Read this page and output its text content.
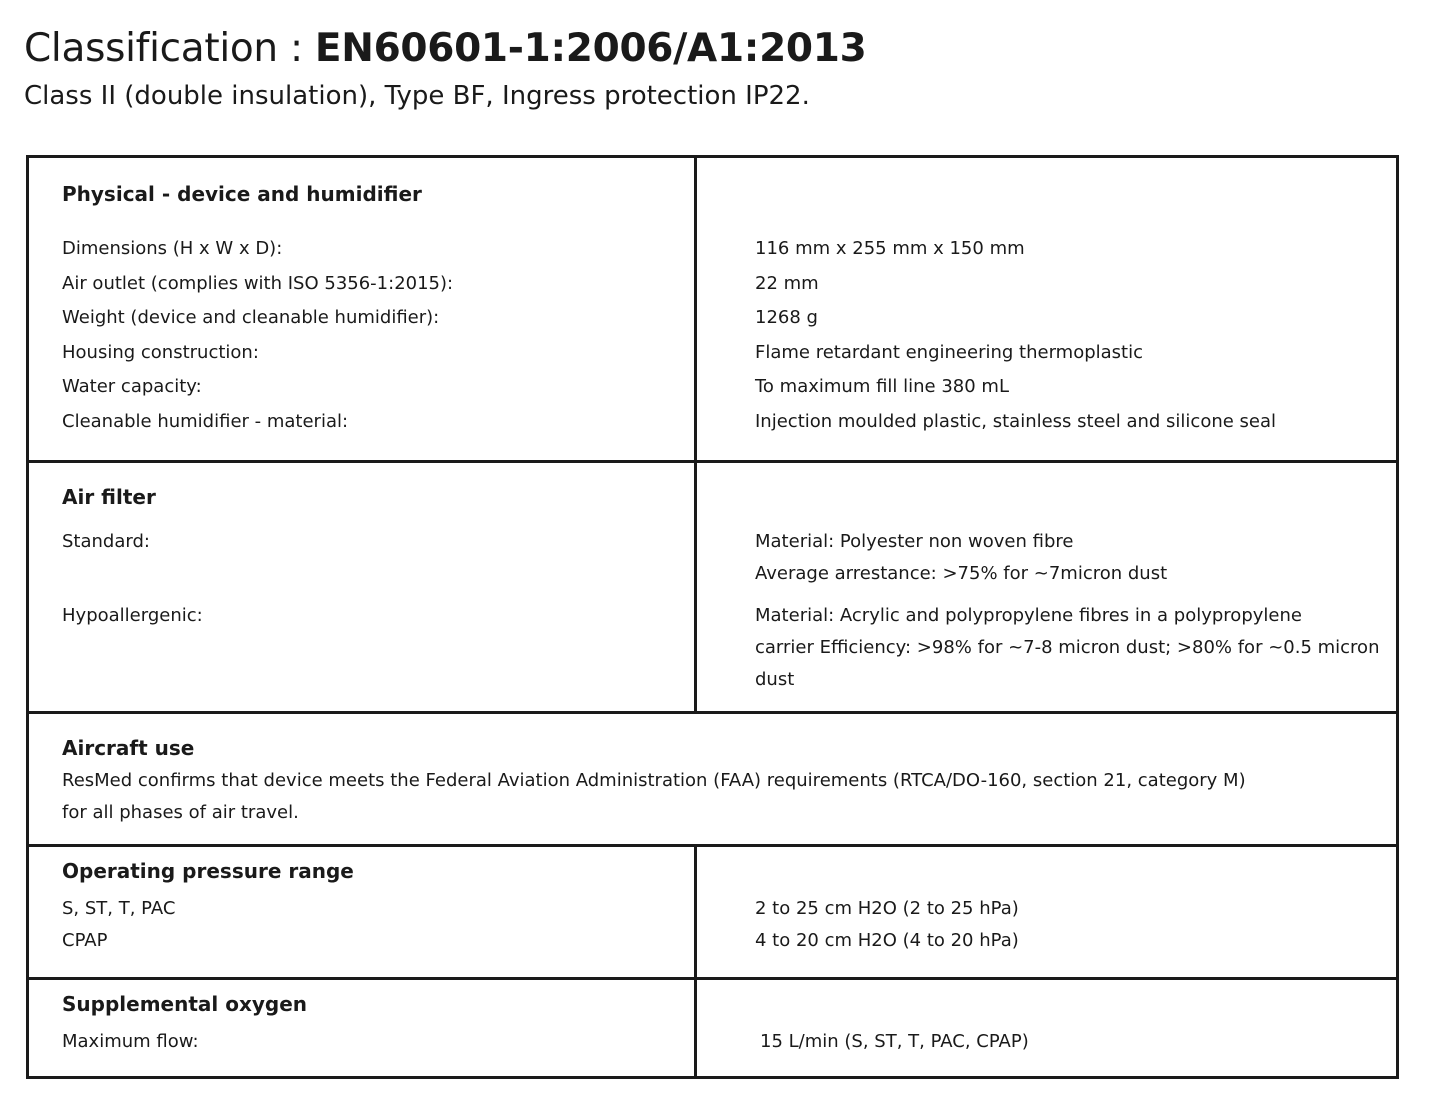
Classification : EN60601-1:2006/A1:2013
Class II (double insulation), Type BF, Ingress protection IP22.
Physical - device and humidifier
Dimensions (H x W x D):	116 mm x 255 mm x 150 mm
Air outlet (complies with ISO 5356-1:2015):	22 mm
Weight (device and cleanable humidifier):	1268 g
Housing construction:	Flame retardant engineering thermoplastic
Water capacity:	To maximum fill line 380 mL
Cleanable humidifier - material:	Injection moulded plastic, stainless steel and silicone seal
Air filter
Standard:	Material: Polyester non woven fibre
Average arrestance: >75% for ~7micron dust
Hypoallergenic:	Material: Acrylic and polypropylene fibres in a polypropylene
carrier Efficiency: >98% for ~7-8 micron dust; >80% for ~0.5 micron
dust
Aircraft use
ResMed confirms that device meets the Federal Aviation Administration (FAA) requirements (RTCA/DO-160, section 21, category M)
for all phases of air travel.
Operating pressure range
S, ST, T, PAC	2 to 25 cm H2O (2 to 25 hPa)
CPAP	4 to 20 cm H2O (4 to 20 hPa)
Supplemental oxygen
Maximum flow:	15 L/min (S, ST, T, PAC, CPAP)
